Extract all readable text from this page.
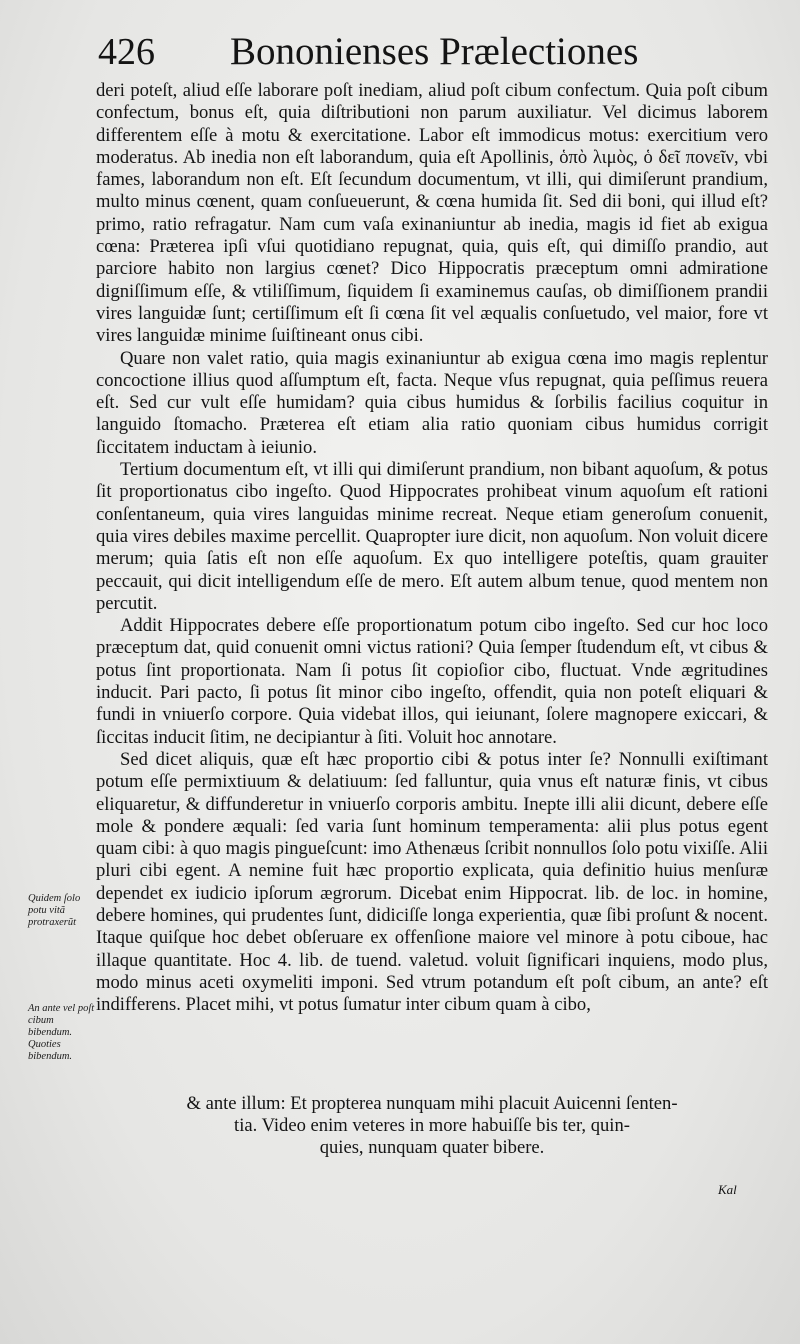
426 Bononienses Prælectiones

deri poteſt, aliud eſſe laborare poſt inediam, aliud poſt cibum confectum. Quia poſt cibum confectum, bonus eſt, quia diſtributioni non parum auxiliatur. Vel dicimus laborem differentem eſſe à motu & exercitatione. Labor eſt immodicus motus: exercitium vero moderatus. Ab inedia non eſt laborandum, quia eſt Apollinis, ὁπὸ λιμὸς, ὁ δεῖ πονεῖν, vbi fames, laborandum non eſt. Eſt ſecundum documentum, vt illi, qui dimiſerunt prandium, multo minus cœnent, quam conſueuerunt, & cœna humida ſit. Sed dii boni, qui illud eſt? primo, ratio refragatur. Nam cum vaſa exinaniuntur ab inedia, magis id fiet ab exigua cœna: Præterea ipſi vſui quotidiano repugnat, quia, quis eſt, qui dimiſſo prandio, aut parciore habito non largius cœnet? Dico Hippocratis præceptum omni admiratione digniſſimum eſſe, & vtiliſſimum, ſiquidem ſi examinemus cauſas, ob dimiſſionem prandii vires languidæ ſunt; certiſſimum eſt ſi cœna ſit vel æqualis conſuetudo, vel maior, fore vt vires languidæ minime ſuiſtineant onus cibi.

Quare non valet ratio, quia magis exinaniuntur ab exigua cœna imo magis replentur concoctione illius quod aſſumptum eſt, facta. Neque vſus repugnat, quia peſſimus reuera eſt. Sed cur vult eſſe humidam? quia cibus humidus & ſorbilis facilius coquitur in languido ſtomacho. Præterea eſt etiam alia ratio quoniam cibus humidus corrigit ſiccitatem inductam à ieiunio.

Tertium documentum eſt, vt illi qui dimiſerunt prandium, non bibant aquoſum, & potus ſit proportionatus cibo ingeſto. Quod Hippocrates prohibeat vinum aquoſum eſt rationi conſentaneum, quia vires languidas minime recreat. Neque etiam generoſum conuenit, quia vires debiles maxime percellit. Quapropter iure dicit, non aquoſum. Non voluit dicere merum; quia ſatis eſt non eſſe aquoſum. Ex quo intelligere poteſtis, quam grauiter peccauit, qui dicit intelligendum eſſe de mero. Eſt autem album tenue, quod mentem non percutit.

Addit Hippocrates debere eſſe proportionatum potum cibo ingeſto. Sed cur hoc loco præceptum dat, quid conuenit omni victus rationi? Quia ſemper ſtudendum eſt, vt cibus & potus ſint proportionata. Nam ſi potus ſit copioſior cibo, fluctuat. Vnde ægritudines inducit. Pari pacto, ſi potus ſit minor cibo ingeſto, offendit, quia non poteſt eliquari & fundi in vniuerſo corpore. Quia videbat illos, qui ieiunant, ſolere magnopere exiccari, & ſiccitas inducit ſitim, ne decipiantur à ſiti. Voluit hoc annotare.

Sed dicet aliquis, quæ eſt hæc proportio cibi & potus inter ſe? Nonnulli exiſtimant potum eſſe permixtiuum & delatiuum: ſed falluntur, quia vnus eſt naturæ finis, vt cibus eliquaretur, & diffunderetur in vniuerſo corporis ambitu. Inepte illi alii dicunt, debere eſſe mole & pondere æquali: ſed varia ſunt hominum temperamenta: alii plus potus egent quam cibi: à quo magis pingueſcunt: imo Athenæus ſcribit nonnullos ſolo potu vixiſſe. Alii pluri cibi egent. A nemine fuit hæc proportio explicata, quia definitio huius menſuræ dependet ex iudicio ipſorum ægrorum. Dicebat enim Hippocrat. lib. de loc. in homine, debere homines, qui prudentes ſunt, didiciſſe longa experientia, quæ ſibi proſunt & nocent. Itaque quiſque hoc debet obſeruare ex offenſione maiore vel minore à potu ciboue, hac illaque quantitate. Hoc 4. lib. de tuend. valetud. voluit ſignificari inquiens, modo plus, modo minus aceti oxymeliti imponi. Sed vtrum potandum eſt poſt cibum, an ante? eſt indifferens. Placet mihi, vt potus ſumatur inter cibum quam à cibo,

& ante illum: Et propterea nunquam mihi placuit Auicenni ſenten-
tia. Video enim veteres in more habuiſſe bis ter, quin-
quies, nunquam quater bibere.
Quidem ſolo potu vitã protraxerũt
An ante vel poſt cibum bibendum. Quoties bibendum.
Kal
